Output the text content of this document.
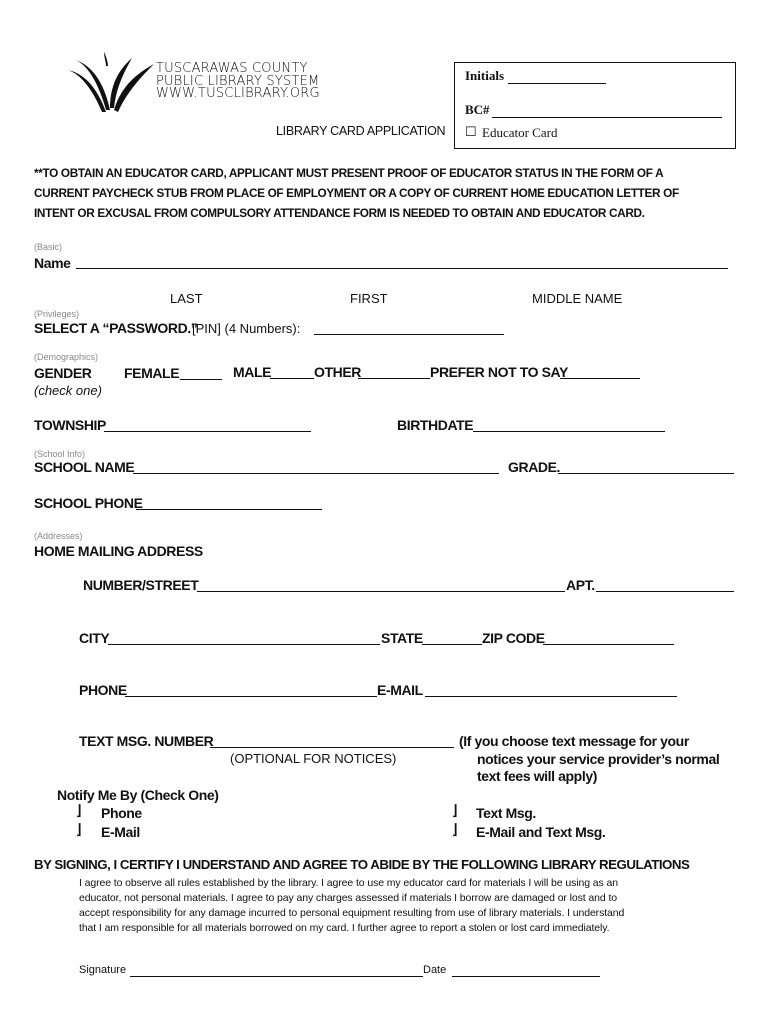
TUSCARAWAS COUNTY
PUBLIC LIBRARY SYSTEM
WWW.TUSCLIBRARY.ORG
LIBRARY CARD APPLICATION
Initials
BC#
☐ Educator Card
**TO OBTAIN AN EDUCATOR CARD, APPLICANT MUST PRESENT PROOF OF EDUCATOR STATUS IN THE FORM OF A
CURRENT PAYCHECK STUB FROM PLACE OF EMPLOYMENT OR A COPY OF CURRENT HOME EDUCATION LETTER OF
INTENT OR EXCUSAL FROM COMPULSORY ATTENDANCE FORM IS NEEDED TO OBTAIN AND EDUCATOR CARD.
(Basic)
Name
LAST	FIRST	MIDDLE NAME
(Privileges)
SELECT A “PASSWORD.”
[PIN] (4 Numbers):
(Demographics)
GENDER
(check one)
FEMALE	MALE	OTHER	PREFER NOT TO SAY
TOWNSHIP	BIRTHDATE
(School Info)
SCHOOL NAME	GRADE.
SCHOOL PHONE
(Addresses)
HOME MAILING ADDRESS
NUMBER/STREET	APT.
CITY	STATE	ZIP CODE
PHONE	E-MAIL
TEXT MSG. NUMBER
(OPTIONAL FOR NOTICES)
(If you choose text message for your
notices your service provider’s normal
text fees will apply)
Notify Me By (Check One)
⌋ Phone
⌋ E-Mail
⌋ Text Msg.
⌋ E-Mail and Text Msg.
BY SIGNING, I CERTIFY I UNDERSTAND AND AGREE TO ABIDE BY THE FOLLOWING LIBRARY REGULATIONS
I agree to observe all rules established by the library. I agree to use my educator card for materials I will be using as an
educator, not personal materials. I agree to pay any charges assessed if materials I borrow are damaged or lost and to
accept responsibility for any damage incurred to personal equipment resulting from use of library materials. I understand
that I am responsible for all materials borrowed on my card. I further agree to report a stolen or lost card immediately.
Signature	Date
